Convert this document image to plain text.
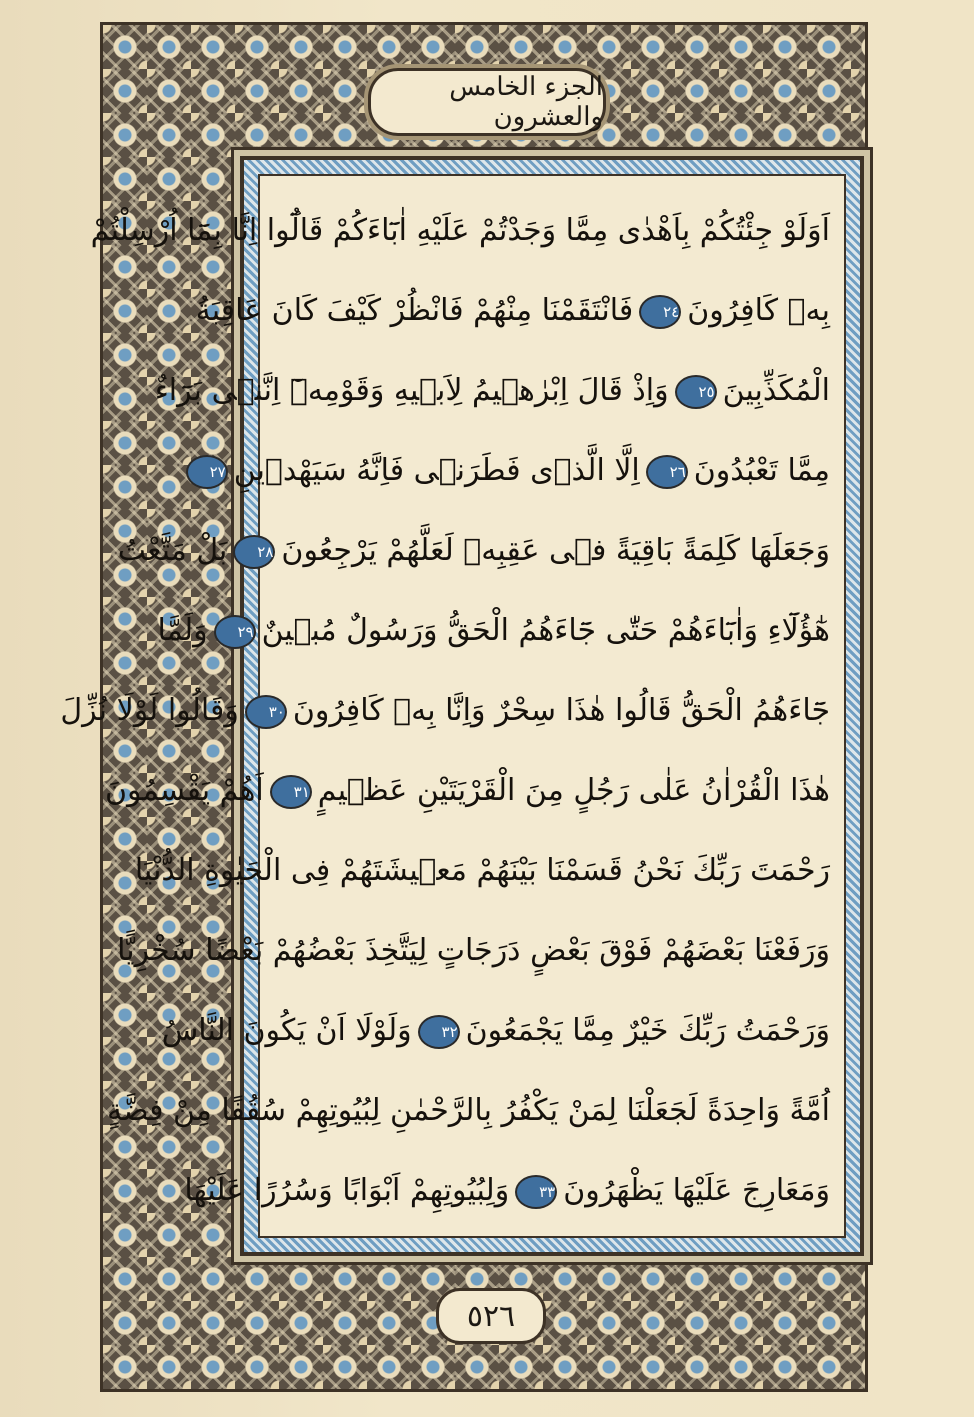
الجزء الخامس والعشرون
اَوَلَوْ جِئْتُكُمْ بِاَهْدٰى مِمَّا وَجَدْتُمْ عَلَيْهِ اٰبَٓاءَكُمْ قَالُٓوا اِنَّا بِمَٓا اُرْسِلْتُمْ
بِهٖ كَافِرُونَ٢٤فَانْتَقَمْنَا مِنْهُمْ فَانْظُرْ كَيْفَ كَانَ عَاقِبَةُ
الْمُكَذِّبِينَ٢٥وَاِذْ قَالَ اِبْرٰهٖيمُ لِاَبٖيهِ وَقَوْمِهٖٓ اِنَّنٖى بَرَٓاءٌ
مِمَّا تَعْبُدُونَ٢٦اِلَّا الَّذٖى فَطَرَنٖى فَاِنَّهُ سَيَهْدٖينِ٢٧
وَجَعَلَهَا كَلِمَةً بَاقِيَةً فٖى عَقِبِهٖ لَعَلَّهُمْ يَرْجِعُونَ٢٨بَلْ مَتَّعْتُ
هٰٓؤُلَٓاءِ وَاٰبَٓاءَهُمْ حَتّٰى جَٓاءَهُمُ الْحَقُّ وَرَسُولٌ مُبٖينٌ٢٩وَلَمَّا
جَٓاءَهُمُ الْحَقُّ قَالُوا هٰذَا سِحْرٌ وَاِنَّا بِهٖ كَافِرُونَ٣٠وَقَالُوا لَوْلَا نُزِّلَ
هٰذَا الْقُرْاٰنُ عَلٰى رَجُلٍ مِنَ الْقَرْيَتَيْنِ عَظٖيمٍ٣١اَهُمْ يَقْسِمُونَ
رَحْمَتَ رَبِّكَ نَحْنُ قَسَمْنَا بَيْنَهُمْ مَعٖيشَتَهُمْ فِى الْحَيٰوةِ الدُّنْيَا
وَرَفَعْنَا بَعْضَهُمْ فَوْقَ بَعْضٍ دَرَجَاتٍ لِيَتَّخِذَ بَعْضُهُمْ بَعْضًا سُخْرِيًّا
وَرَحْمَتُ رَبِّكَ خَيْرٌ مِمَّا يَجْمَعُونَ٣٢وَلَوْلَا اَنْ يَكُونَ النَّاسُ
اُمَّةً وَاحِدَةً لَجَعَلْنَا لِمَنْ يَكْفُرُ بِالرَّحْمٰنِ لِبُيُوتِهِمْ سُقُفًا مِنْ فِضَّةٍ
وَمَعَارِجَ عَلَيْهَا يَظْهَرُونَ٣٣وَلِبُيُوتِهِمْ اَبْوَابًا وَسُرُرًا عَلَيْهَا
٥٢٦
